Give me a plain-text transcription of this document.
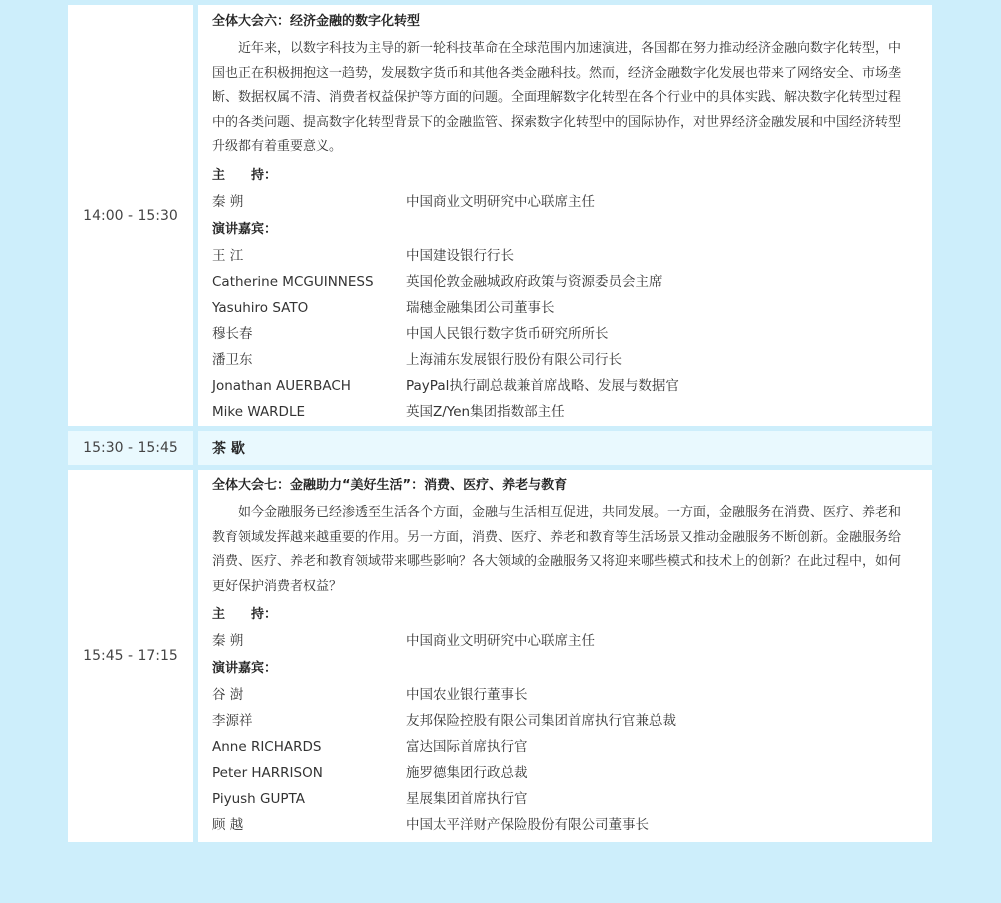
14:00 - 15:30
全体大会六：经济金融的数字化转型

近年来，以数字科技为主导的新一轮科技革命在全球范围内加速演进，各国都在努力推动经济金融向数字化转型，中国也正在积极拥抱这一趋势，发展数字货币和其他各类金融科技。然而，经济金融数字化发展也带来了网络安全、市场垄断、数据权属不清、消费者权益保护等方面的问题。全面理解数字化转型在各个行业中的具体实践、解决数字化转型过程中的各类问题、提高数字化转型背景下的金融监管、探索数字化转型中的国际协作，对世界经济金融发展和中国经济转型升级都有着重要意义。

主　　持：
秦 朔	中国商业文明研究中心联席主任
演讲嘉宾：
王 江	中国建设银行行长
Catherine MCGUINNESS	英国伦敦金融城政府政策与资源委员会主席
Yasuhiro SATO	瑞穗金融集团公司董事长
穆长春	中国人民银行数字货币研究所所长
潘卫东	上海浦东发展银行股份有限公司行长
Jonathan AUERBACH	PayPal执行副总裁兼首席战略、发展与数据官
Mike WARDLE	英国Z/Yen集团指数部主任
15:30 - 15:45	茶 歇
15:45 - 17:15
全体大会七：金融助力“美好生活”：消费、医疗、养老与教育

如今金融服务已经渗透至生活各个方面，金融与生活相互促进，共同发展。一方面，金融服务在消费、医疗、养老和教育领域发挥越来越重要的作用。另一方面，消费、医疗、养老和教育等生活场景又推动金融服务不断创新。金融服务给消费、医疗、养老和教育领域带来哪些影响？各大领域的金融服务又将迎来哪些模式和技术上的创新？在此过程中，如何更好保护消费者权益？

主　　持：
秦 朔	中国商业文明研究中心联席主任
演讲嘉宾：
谷 澍	中国农业银行董事长
李源祥	友邦保险控股有限公司集团首席执行官兼总裁
Anne RICHARDS	富达国际首席执行官
Peter HARRISON	施罗德集团行政总裁
Piyush GUPTA	星展集团首席执行官
顾 越	中国太平洋财产保险股份有限公司董事长
